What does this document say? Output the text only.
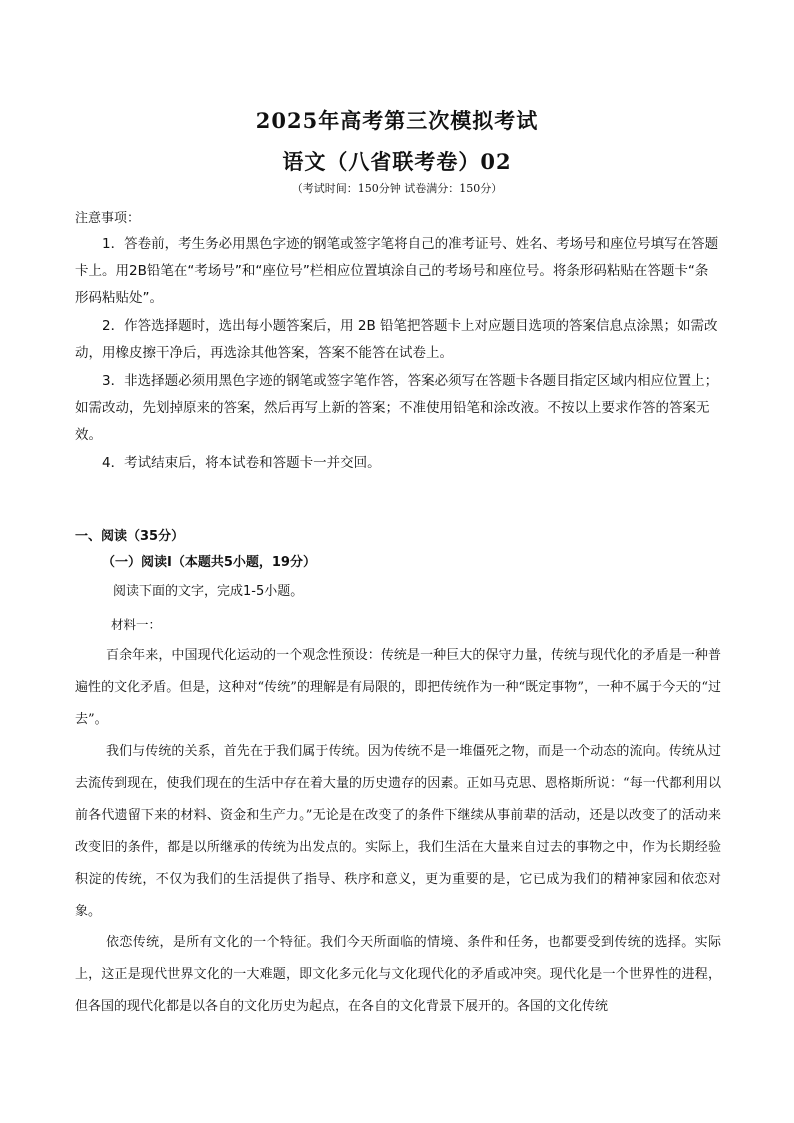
2025年高考第三次模拟考试
语文（八省联考卷）02
（考试时间：150分钟 试卷满分：150分）
注意事项：

1．答卷前，考生务必用黑色字迹的钢笔或签字笔将自己的准考证号、姓名、考场号和座位号填写在答题卡上。用2B铅笔在“考场号”和“座位号”栏相应位置填涂自己的考场号和座位号。将条形码粘贴在答题卡“条形码粘贴处”。

2．作答选择题时，选出每小题答案后，用 2B 铅笔把答题卡上对应题目选项的答案信息点涂黑；如需改动，用橡皮擦干净后，再选涂其他答案，答案不能答在试卷上。

3．非选择题必须用黑色字迹的钢笔或签字笔作答，答案必须写在答题卡各题目指定区域内相应位置上；如需改动，先划掉原来的答案，然后再写上新的答案；不准使用铅笔和涂改液。不按以上要求作答的答案无效。

4．考试结束后，将本试卷和答题卡一并交回。

一、阅读（35分）
（一）阅读Ⅰ（本题共5小题，19分）
阅读下面的文字，完成1-5小题。
材料一：

百余年来，中国现代化运动的一个观念性预设：传统是一种巨大的保守力量，传统与现代化的矛盾是一种普遍性的文化矛盾。但是，这种对“传统”的理解是有局限的，即把传统作为一种“既定事物”，一种不属于今天的“过去”。

我们与传统的关系，首先在于我们属于传统。因为传统不是一堆僵死之物，而是一个动态的流向。传统从过去流传到现在，使我们现在的生活中存在着大量的历史遗存的因素。正如马克思、恩格斯所说：“每一代都利用以前各代遗留下来的材料、资金和生产力。”无论是在改变了的条件下继续从事前辈的活动，还是以改变了的活动来改变旧的条件，都是以所继承的传统为出发点的。实际上，我们生活在大量来自过去的事物之中，作为长期经验积淀的传统，不仅为我们的生活提供了指导、秩序和意义，更为重要的是，它已成为我们的精神家园和依恋对象。

依恋传统，是所有文化的一个特征。我们今天所面临的情境、条件和任务，也都要受到传统的选择。实际上，这正是现代世界文化的一大难题，即文化多元化与文化现代化的矛盾或冲突。现代化是一个世界性的进程，但各国的现代化都是以各自的文化历史为起点，在各自的文化背景下展开的。各国的文化传统
